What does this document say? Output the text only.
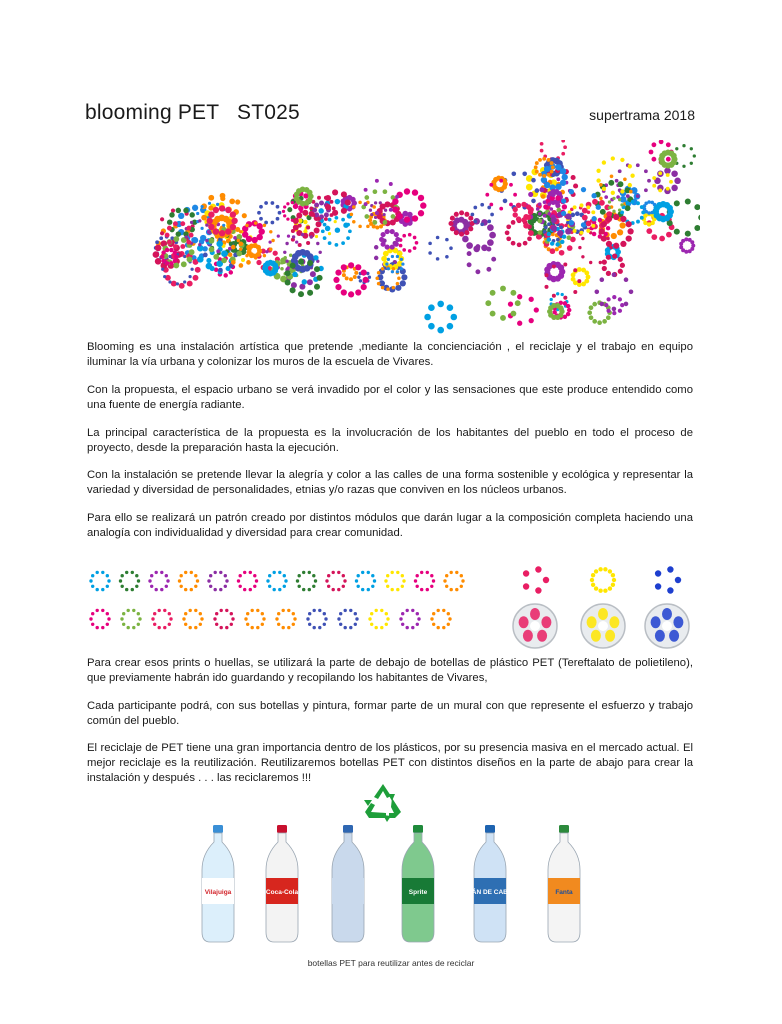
blooming PET   ST025	supertrama 2018

Blooming es una instalación artística que pretende ,mediante la concienciación , el reciclaje y el trabajo en equipo iluminar la vía urbana y colonizar los muros de la escuela de Vivares.

Con la propuesta, el espacio urbano se verá invadido por el color y las sensaciones que este produce entendido como una fuente de energía radiante.

La principal característica de la propuesta es la involucración de los habitantes del pueblo en todo el proceso de proyecto, desde la preparación hasta la ejecución.

Con la instalación se pretende llevar la alegría y color a las calles de una forma sostenible y ecológica y representar la variedad y diversidad de personalidades, etnias y/o razas que conviven en los núcleos urbanos.

Para ello se realizará un patrón creado por distintos módulos que darán lugar a la composición completa haciendo una analogía con individualidad y diversidad para crear comunidad.

Para crear esos prints o huellas, se utilizará la parte de debajo de botellas de plástico PET (Tereftalato de polietileno), que previamente habrán ido guardando y recopilando los habitantes de Vivares,

Cada participante podrá, con sus botellas y pintura, formar parte de un mural con que represente el esfuerzo y trabajo común del pueblo.

El reciclaje de PET tiene una gran importancia dentro de los plásticos, por su presencia masiva en el mercado actual. El mejor reciclaje es la reutilización. Reutilizaremos botellas PET con distintos diseños en la parte de abajo para crear la instalación y después . . . las reciclaremos !!!

Vilajuiga	Coca-Cola	Sprite	SOLÁN DE CABRAS	Fanta
botellas PET para reutilizar antes de reciclar
